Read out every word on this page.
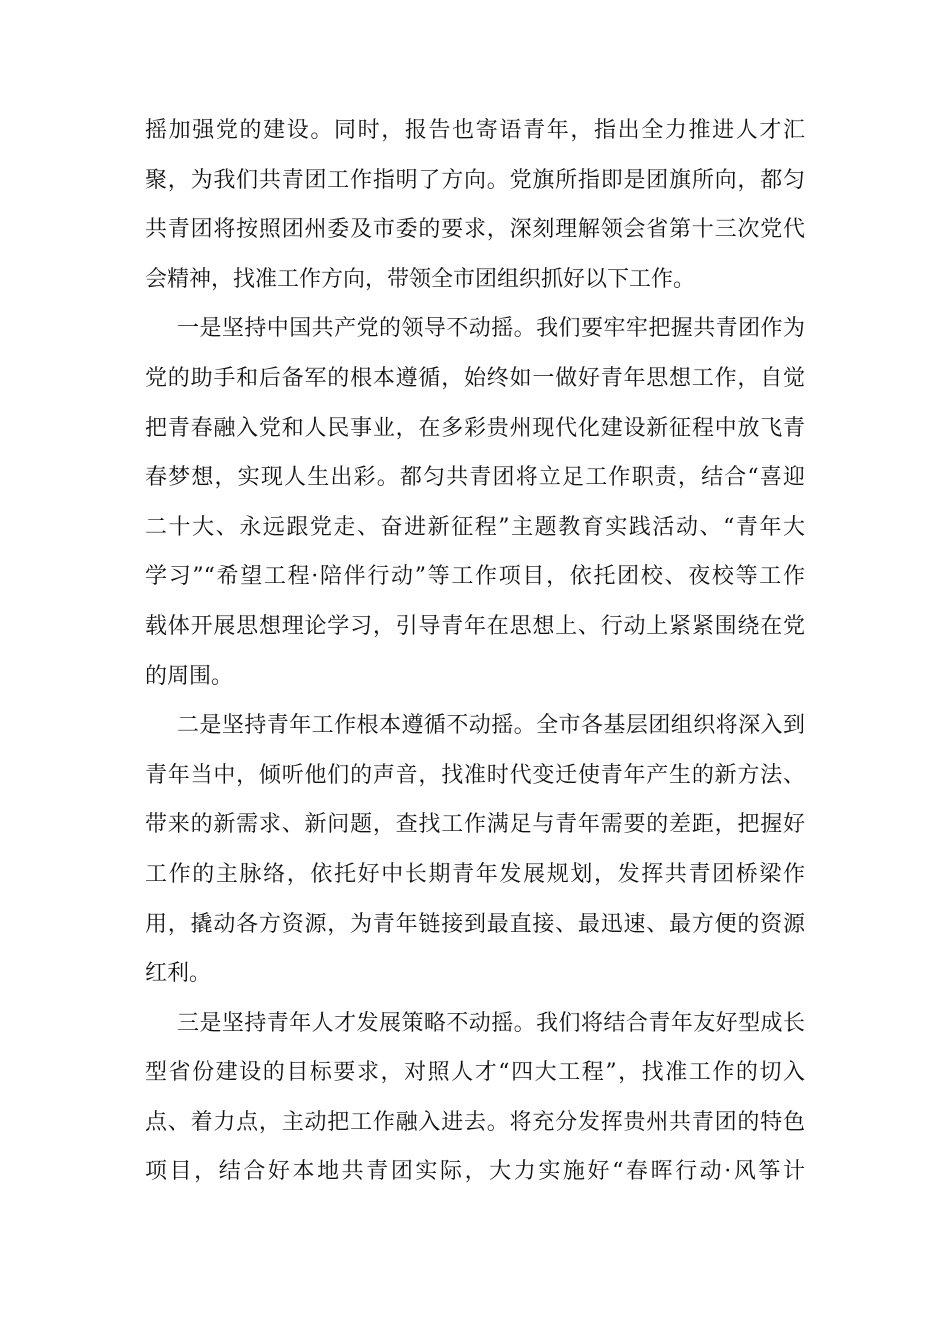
摇加强党的建设。同时，报告也寄语青年，指出全力推进人才汇
聚，为我们共青团工作指明了方向。党旗所指即是团旗所向，都匀
共青团将按照团州委及市委的要求，深刻理解领会省第十三次党代
会精神，找准工作方向，带领全市团组织抓好以下工作。
一是坚持中国共产党的领导不动摇。我们要牢牢把握共青团作为
党的助手和后备军的根本遵循，始终如一做好青年思想工作，自觉
把青春融入党和人民事业，在多彩贵州现代化建设新征程中放飞青
春梦想，实现人生出彩。都匀共青团将立足工作职责，结合“喜迎
二十大、永远跟党走、奋进新征程”主题教育实践活动、“青年大
学习”“希望工程·陪伴行动”等工作项目，依托团校、夜校等工作
载体开展思想理论学习，引导青年在思想上、行动上紧紧围绕在党
的周围。
二是坚持青年工作根本遵循不动摇。全市各基层团组织将深入到
青年当中，倾听他们的声音，找准时代变迁使青年产生的新方法、
带来的新需求、新问题，查找工作满足与青年需要的差距，把握好
工作的主脉络，依托好中长期青年发展规划，发挥共青团桥梁作
用，撬动各方资源，为青年链接到最直接、最迅速、最方便的资源
红利。
三是坚持青年人才发展策略不动摇。我们将结合青年友好型成长
型省份建设的目标要求，对照人才“四大工程”，找准工作的切入
点、着力点，主动把工作融入进去。将充分发挥贵州共青团的特色
项目，结合好本地共青团实际，大力实施好“春晖行动·风筝计
